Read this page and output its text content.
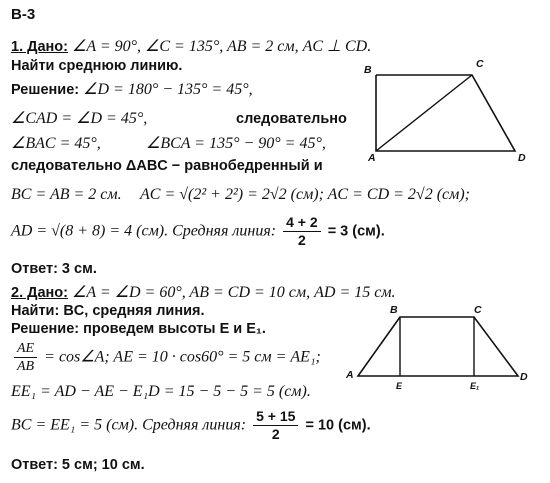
В-3
1. Дано: ∠A = 90°, ∠C = 135°, AB = 2 см, AC ⊥ CD.
Найти среднюю линию.
Решение: ∠D = 180° − 135° = 45°,
∠CAD = ∠D = 45°,	следовательно
∠BAC = 45°,	∠BCA = 135° − 90° = 45°,
следовательно ΔABC − равнобедренный и
BC = AB = 2 см. AC = √(2² + 2²) = 2√2 (см); AC = CD = 2√2 (см);
AD = √(8 + 8) = 4 (см). Средняя линия: $\frac{4 + 2}{2} = 3$ (см).
Ответ: 3 см.
B	C
A	D
2. Дано: ∠A = ∠D = 60°, AB = CD = 10 см, AD = 15 см.
Найти: BC, средняя линия.
Решение: проведем высоты E и E₁.
$\frac{AE}{AB}$ = cos∠A; AE = 10 · cos60° = 5 см = AE₁;
EE₁ = AD − AE − E₁D = 15 − 5 − 5 = 5 (см).
BC = EE₁ = 5 (см). Средняя линия: $\frac{5 + 15}{2} = 10$ (см).
Ответ: 5 см; 10 см.
B	C
A	D
E	E₁
